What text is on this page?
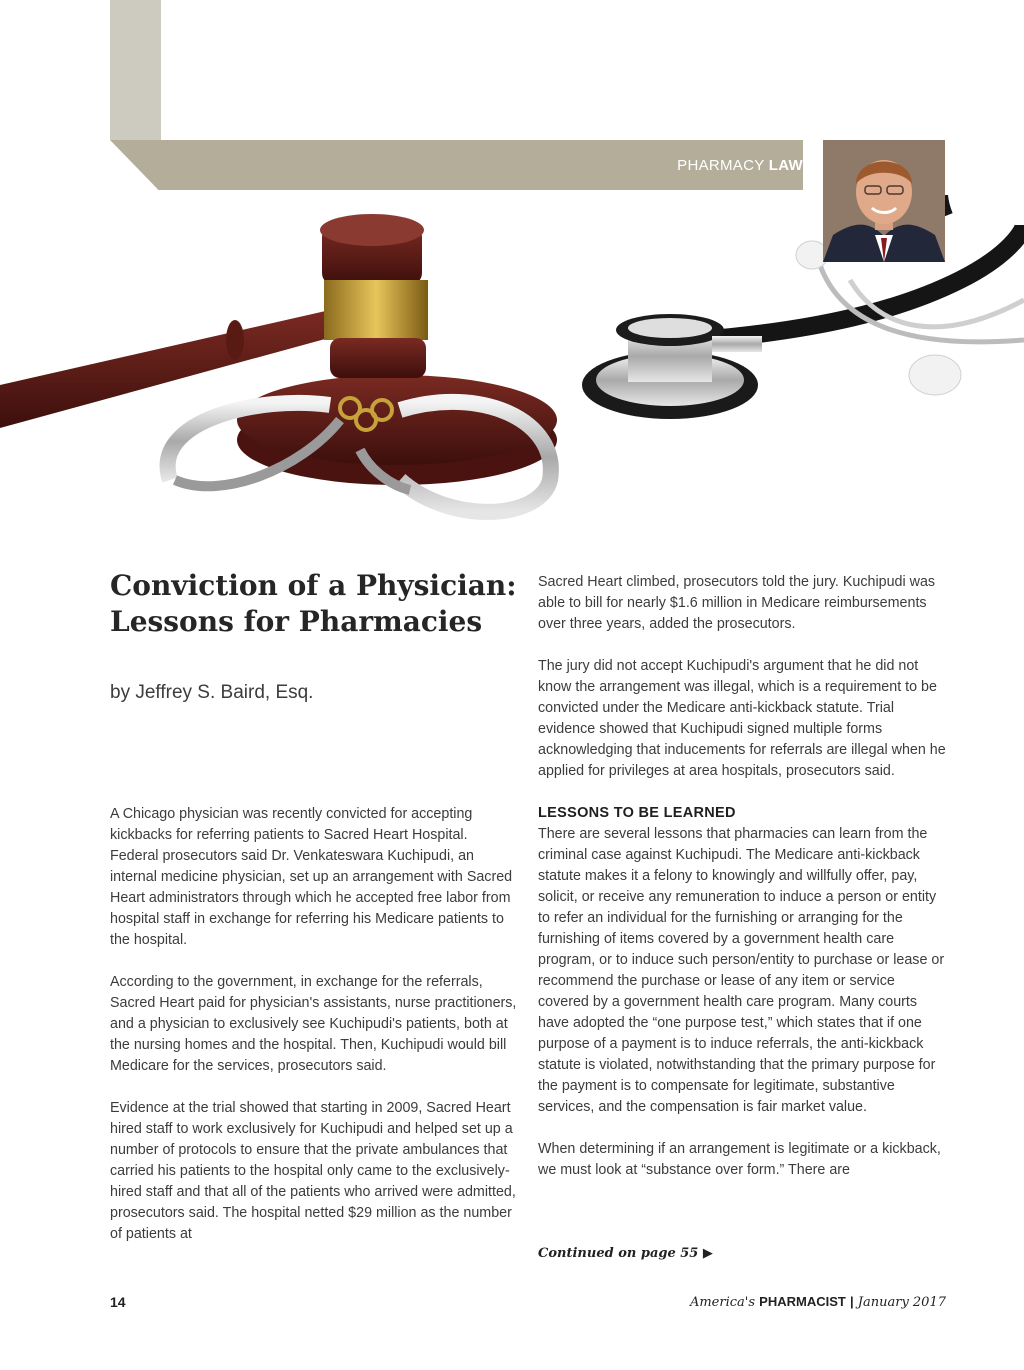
PHARMACY LAW
Conviction of a Physician: Lessons for Pharmacies
by Jeffrey S. Baird, Esq.

A Chicago physician was recently convicted for accepting kickbacks for referring patients to Sacred Heart Hospital. Federal prosecutors said Dr. Venkateswara Kuchipudi, an internal medicine physician, set up an arrangement with Sacred Heart administrators through which he accepted free labor from hospital staff in exchange for referring his Medicare patients to the hospital.

According to the government, in exchange for the referrals, Sacred Heart paid for physician's assistants, nurse practitioners, and a physician to exclusively see Kuchipudi's patients, both at the nursing homes and the hospital. Then, Kuchipudi would bill Medicare for the services, prosecutors said.

Evidence at the trial showed that starting in 2009, Sacred Heart hired staff to work exclusively for Kuchipudi and helped set up a number of protocols to ensure that the private ambulances that carried his patients to the hospital only came to the exclusively-hired staff and that all of the patients who arrived were admitted, prosecutors said. The hospital netted $29 million as the number of patients at

Sacred Heart climbed, prosecutors told the jury. Kuchipudi was able to bill for nearly $1.6 million in Medicare reimbursements over three years, added the prosecutors.

The jury did not accept Kuchipudi's argument that he did not know the arrangement was illegal, which is a requirement to be convicted under the Medicare anti-kickback statute. Trial evidence showed that Kuchipudi signed multiple forms acknowledging that inducements for referrals are illegal when he applied for privileges at area hospitals, prosecutors said.

LESSONS TO BE LEARNED

There are several lessons that pharmacies can learn from the criminal case against Kuchipudi. The Medicare anti-kickback statute makes it a felony to knowingly and willfully offer, pay, solicit, or receive any remuneration to induce a person or entity to refer an individual for the furnishing or arranging for the furnishing of items covered by a government health care program, or to induce such person/entity to purchase or lease or recommend the purchase or lease of any item or service covered by a government health care program. Many courts have adopted the “one purpose test,” which states that if one purpose of a payment is to induce referrals, the anti-kickback statute is violated, notwithstanding that the primary purpose for the payment is to compensate for legitimate, substantive services, and the compensation is fair market value.

When determining if an arrangement is legitimate or a kickback, we must look at “substance over form.” There are

Continued on page 55 ▶
14	America's PHARMACIST | January 2017
